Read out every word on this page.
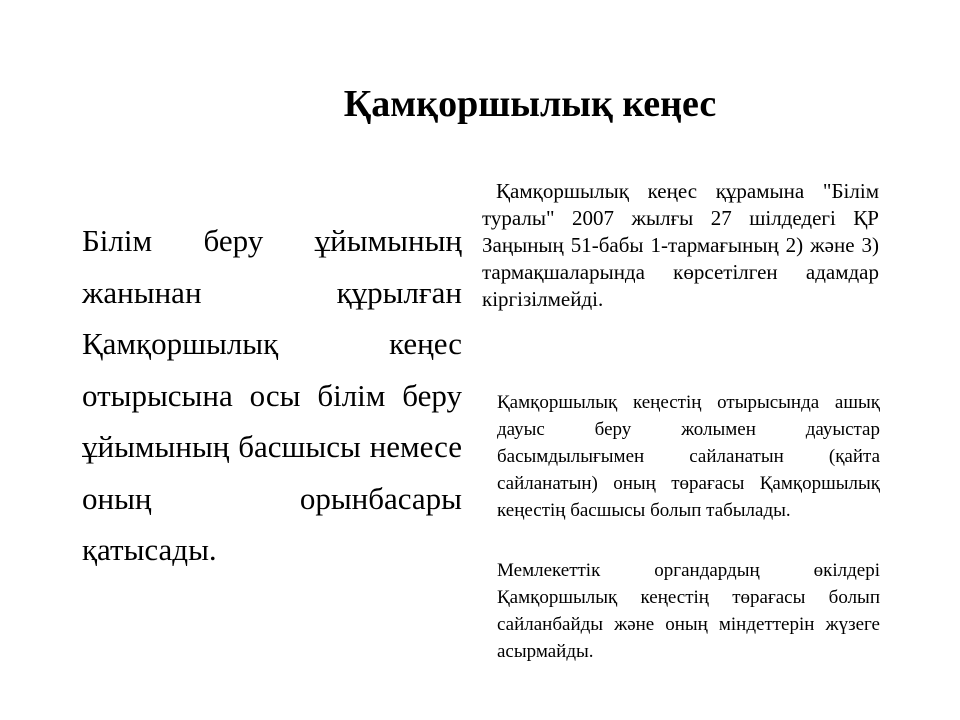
Қамқоршылық кеңес

Білім беру ұйымының жанынан құрылған Қамқоршылық кеңес отырысына осы білім беру ұйымының басшысы немесе оның орынбасары қатысады.

Қамқоршылық кеңес құрамына "Білім туралы" 2007 жылғы 27 шілдедегі ҚР Заңының 51-бабы 1-тармағының 2) және 3) тармақшаларында көрсетілген адамдар кіргізілмейді.

Қамқоршылық кеңестің отырысында ашық дауыс беру жолымен дауыстар басымдылығымен сайланатын (қайта сайланатын) оның төрағасы Қамқоршылық кеңестің басшысы болып табылады.

Мемлекеттік органдардың өкілдері Қамқоршылық кеңестің төрағасы болып сайланбайды және оның міндеттерін жүзеге асырмайды.
